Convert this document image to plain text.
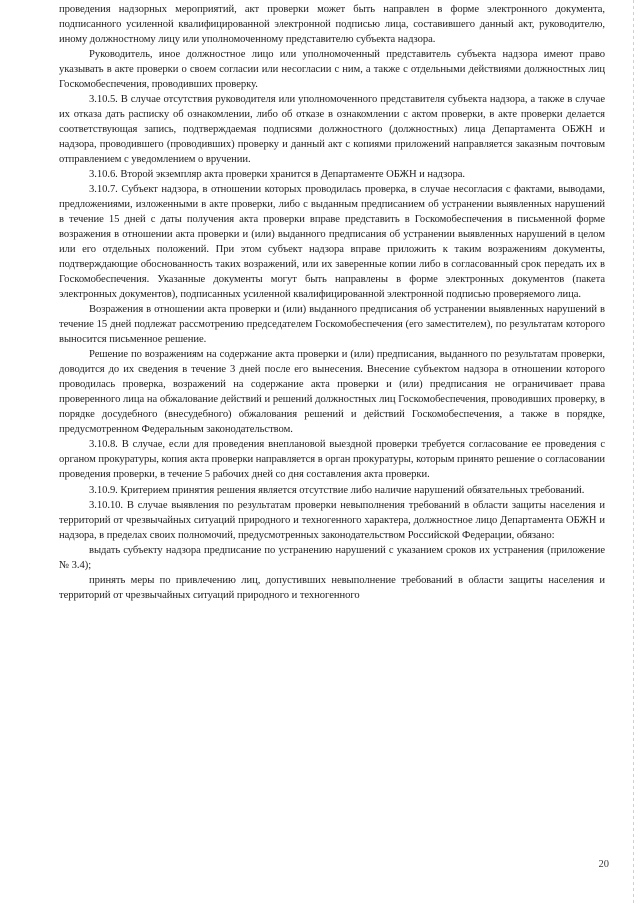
проведения надзорных мероприятий, акт проверки может быть направлен в форме электронного документа, подписанного усиленной квалифицированной электронной подписью лица, составившего данный акт, руководителю, иному должностному лицу или уполномоченному представителю субъекта надзора.

Руководитель, иное должностное лицо или уполномоченный представитель субъекта надзора имеют право указывать в акте проверки о своем согласии или несогласии с ним, а также с отдельными действиями должностных лиц Госкомобеспечения, проводивших проверку.

3.10.5. В случае отсутствия руководителя или уполномоченного представителя субъекта надзора, а также в случае их отказа дать расписку об ознакомлении, либо об отказе в ознакомлении с актом проверки, в акте проверки делается соответствующая запись, подтверждаемая подписями должностного (должностных) лица Департамента ОБЖН и надзора, проводившего (проводивших) проверку и данный акт с копиями приложений направляется заказным почтовым отправлением с уведомлением о вручении.

3.10.6. Второй экземпляр акта проверки хранится в Департаменте ОБЖН и надзора.

3.10.7. Субъект надзора, в отношении которых проводилась проверка, в случае несогласия с фактами, выводами, предложениями, изложенными в акте проверки, либо с выданным предписанием об устранении выявленных нарушений в течение 15 дней с даты получения акта проверки вправе представить в Госкомобеспечения в письменной форме возражения в отношении акта проверки и (или) выданного предписания об устранении выявленных нарушений в целом или его отдельных положений. При этом субъект надзора вправе приложить к таким возражениям документы, подтверждающие обоснованность таких возражений, или их заверенные копии либо в согласованный срок передать их в Госкомобеспечения. Указанные документы могут быть направлены в форме электронных документов (пакета электронных документов), подписанных усиленной квалифицированной электронной подписью проверяемого лица.

Возражения в отношении акта проверки и (или) выданного предписания об устранении выявленных нарушений в течение 15 дней подлежат рассмотрению председателем Госкомобеспечения (его заместителем), по результатам которого выносится письменное решение.

Решение по возражениям на содержание акта проверки и (или) предписания, выданного по результатам проверки, доводится до их сведения в течение 3 дней после его вынесения. Внесение субъектом надзора в отношении которого проводилась проверка, возражений на содержание акта проверки и (или) предписания не ограничивает права проверенного лица на обжалование действий и решений должностных лиц Госкомобеспечения, проводивших проверку, в порядке досудебного (внесудебного) обжалования решений и действий Госкомобеспечения, а также в порядке, предусмотренном Федеральным законодательством.

3.10.8. В случае, если для проведения внеплановой выездной проверки требуется согласование ее проведения с органом прокуратуры, копия акта проверки направляется в орган прокуратуры, которым принято решение о согласовании проведения проверки, в течение 5 рабочих дней со дня составления акта проверки.

3.10.9. Критерием принятия решения является отсутствие либо наличие нарушений обязательных требований.

3.10.10. В случае выявления по результатам проверки невыполнения требований в области защиты населения и территорий от чрезвычайных ситуаций природного и техногенного характера, должностное лицо Департамента ОБЖН и надзора, в пределах своих полномочий, предусмотренных законодательством Российской Федерации, обязано:

выдать субъекту надзора предписание по устранению нарушений с указанием сроков их устранения (приложение № 3.4);

принять меры по привлечению лиц, допустивших невыполнение требований в области защиты населения и территорий от чрезвычайных ситуаций природного и техногенного

20
